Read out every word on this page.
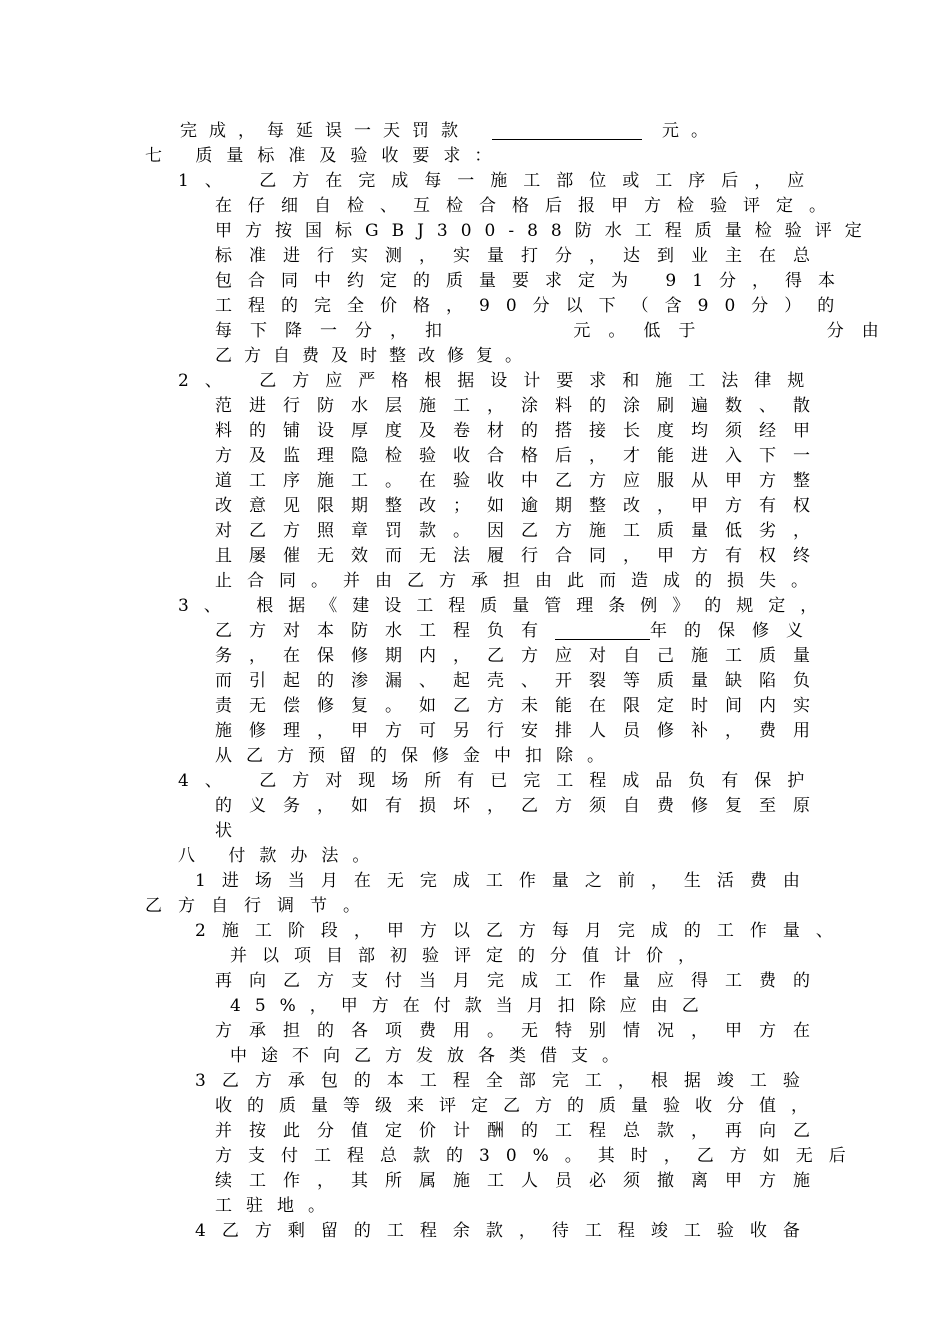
完成，每延误一天罚款	元。
七 质量标准及验收要求：
1、 乙方在完成每一施工部位或工序后，应
在仔细自检、互检合格后报甲方检验评定。
甲方按国标GBJ300-88防水工程质量检验评定
标准进行实测，实量打分，达到业主在总
包合同中约定的质量要求定为 91分，得本
工程的完全价格，90分以下（含90分）的
每下降一分，扣 元。低于 分由
乙方自费及时整改修复。
2、 乙方应严格根据设计要求和施工法律规
范进行防水层施工，涂料的涂刷遍数、散
料的铺设厚度及卷材的搭接长度均须经甲
方及监理隐检验收合格后，才能进入下一
道工序施工。在验收中乙方应服从甲方整
改意见限期整改；如逾期整改，甲方有权
对乙方照章罚款。因乙方施工质量低劣，
且屡催无效而无法履行合同，甲方有权终
止合同。并由乙方承担由此而造成的损失。
3、 根据《建设工程质量管理条例》的规定，
乙方对本防水工程负有	年的保修义
务，在保修期内，乙方应对自己施工质量
而引起的渗漏、起壳、开裂等质量缺陷负
责无偿修复。如乙方未能在限定时间内实
施修理，甲方可另行安排人员修补，费用
从乙方预留的保修金中扣除。
4、 乙方对现场所有已完工程成品负有保护
的义务，如有损坏，乙方须自费修复至原
状
八 付款办法。
1进场当月在无完成工作量之前，生活费由
乙方自行调节。
2施工阶段，甲方以乙方每月完成的工作量、
并以项目部初验评定的分值计价，
再向乙方支付当月完成工作量应得工费的
45%，甲方在付款当月扣除应由乙
方承担的各项费用。无特别情况，甲方在
中途不向乙方发放各类借支。
3乙方承包的本工程全部完工，根据竣工验
收的质量等级来评定乙方的质量验收分值，
并按此分值定价计酬的工程总款，再向乙
方支付工程总款的30%。其时，乙方如无后
续工作，其所属施工人员必须撤离甲方施
工驻地。
4乙方剩留的工程余款，待工程竣工验收备
